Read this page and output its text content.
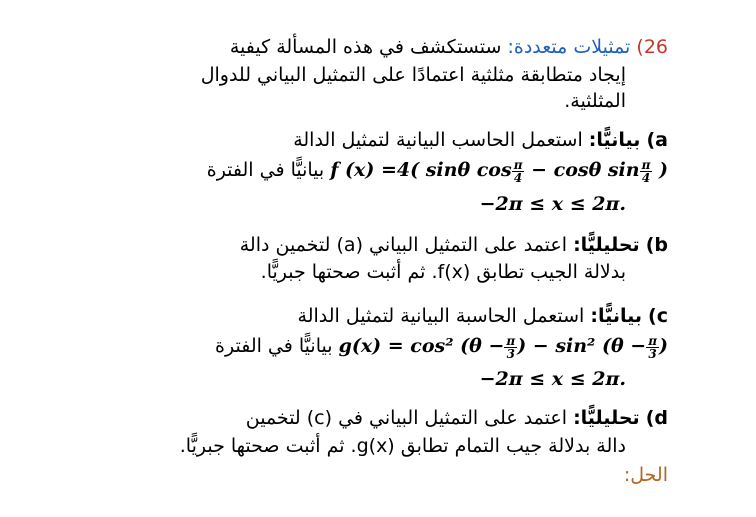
26) تمثيلات متعددة: ستستكشف في هذه المسألة كيفية
إيجاد متطابقة مثلثية اعتمادًا على التمثيل البياني للدوال
المثلثية.
a) بيانيًّا: استعمل الحاسب البيانية لتمثيل الدالة
f (x) =4( sinθ $\cos \frac{\pi}{4} - \cos\theta$ $\sin \frac{\pi}{4}$ ) بيانيًّا في الفترة
−2π ≤ x ≤ 2π.
b) تحليليًّا: اعتمد على التمثيل البياني (a) لتخمين دالة
بدلالة الجيب تطابق f(x). ثم أثبت صحتها جبريًّا.
c) بيانيًّا: استعمل الحاسبة البيانية لتمثيل الدالة
g(x) = cos² ($\theta - \frac{\pi}{3}$ ) − sin² ($\theta - \frac{\pi}{3}$ ) بيانيًّا في الفترة
−2π ≤ x ≤ 2π.
d) تحليليًّا: اعتمد على التمثيل البياني في (c) لتخمين
دالة بدلالة جيب التمام تطابق g(x). ثم أثبت صحتها جبريًّا.
الحل:
